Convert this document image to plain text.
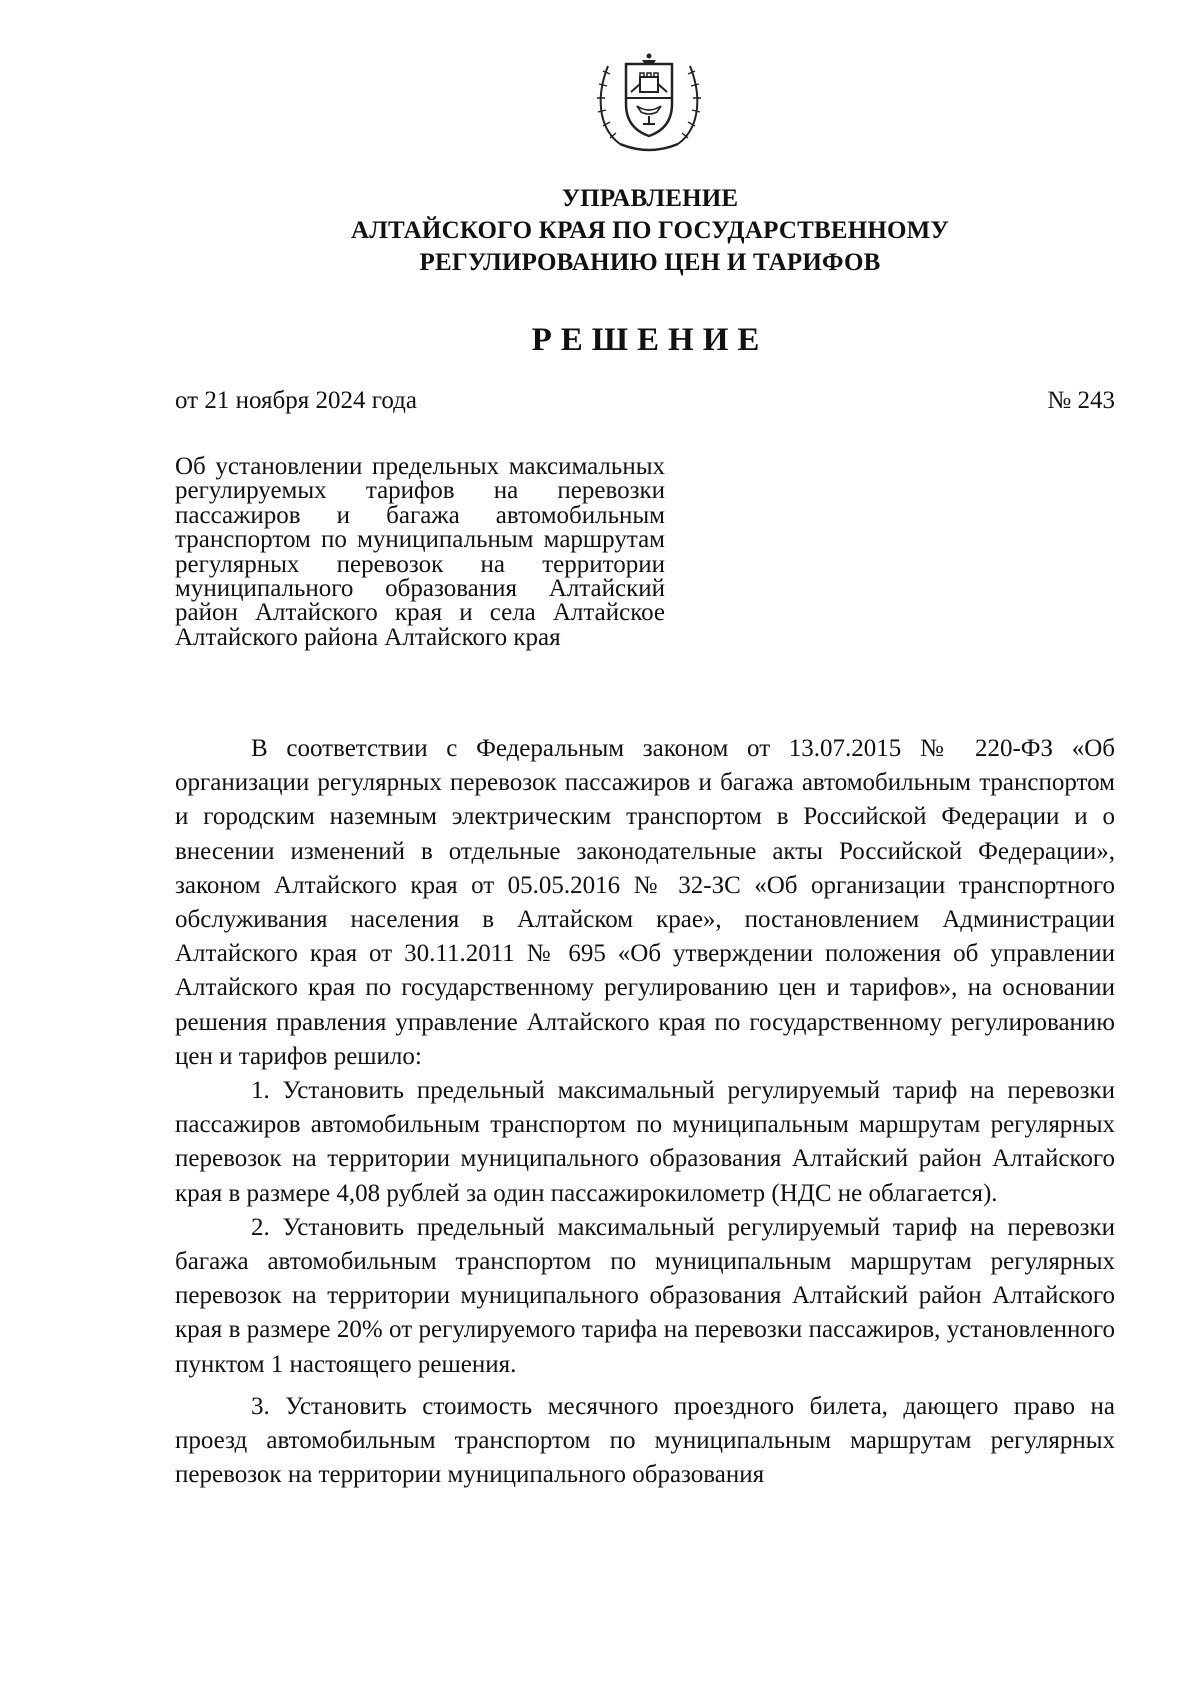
УПРАВЛЕНИЕ
АЛТАЙСКОГО КРАЯ ПО ГОСУДАРСТВЕННОМУ
РЕГУЛИРОВАНИЮ ЦЕН И ТАРИФОВ
РЕШЕНИЕ
от 21 ноября 2024 года	№ 243
Об установлении предельных максимальных регулируемых тарифов на перевозки пассажиров и багажа автомобильным транспортом по муниципальным маршрутам регулярных перевозок на территории муниципального образования Алтайский район Алтайского края и села Алтайское Алтайского района Алтайского края

В соответствии с Федеральным законом от 13.07.2015 № 220-ФЗ «Об организации регулярных перевозок пассажиров и багажа автомобильным транспортом и городским наземным электрическим транспортом в Российской Федерации и о внесении изменений в отдельные законодательные акты Российской Федерации», законом Алтайского края от 05.05.2016 № 32-ЗС «Об организации транспортного обслуживания населения в Алтайском крае», постановлением Администрации Алтайского края от 30.11.2011 № 695 «Об утверждении положения об управлении Алтайского края по государственному регулированию цен и тарифов», на основании решения правления управление Алтайского края по государственному регулированию цен и тарифов решило:

1. Установить предельный максимальный регулируемый тариф на перевозки пассажиров автомобильным транспортом по муниципальным маршрутам регулярных перевозок на территории муниципального образования Алтайский район Алтайского края в размере 4,08 рублей за один пассажирокилометр (НДС не облагается).

2. Установить предельный максимальный регулируемый тариф на перевозки багажа автомобильным транспортом по муниципальным маршрутам регулярных перевозок на территории муниципального образования Алтайский район Алтайского края в размере 20% от регулируемого тарифа на перевозки пассажиров, установленного пунктом 1 настоящего решения.

3. Установить стоимость месячного проездного билета, дающего право на проезд автомобильным транспортом по муниципальным маршрутам регулярных перевозок на территории муниципального образования
